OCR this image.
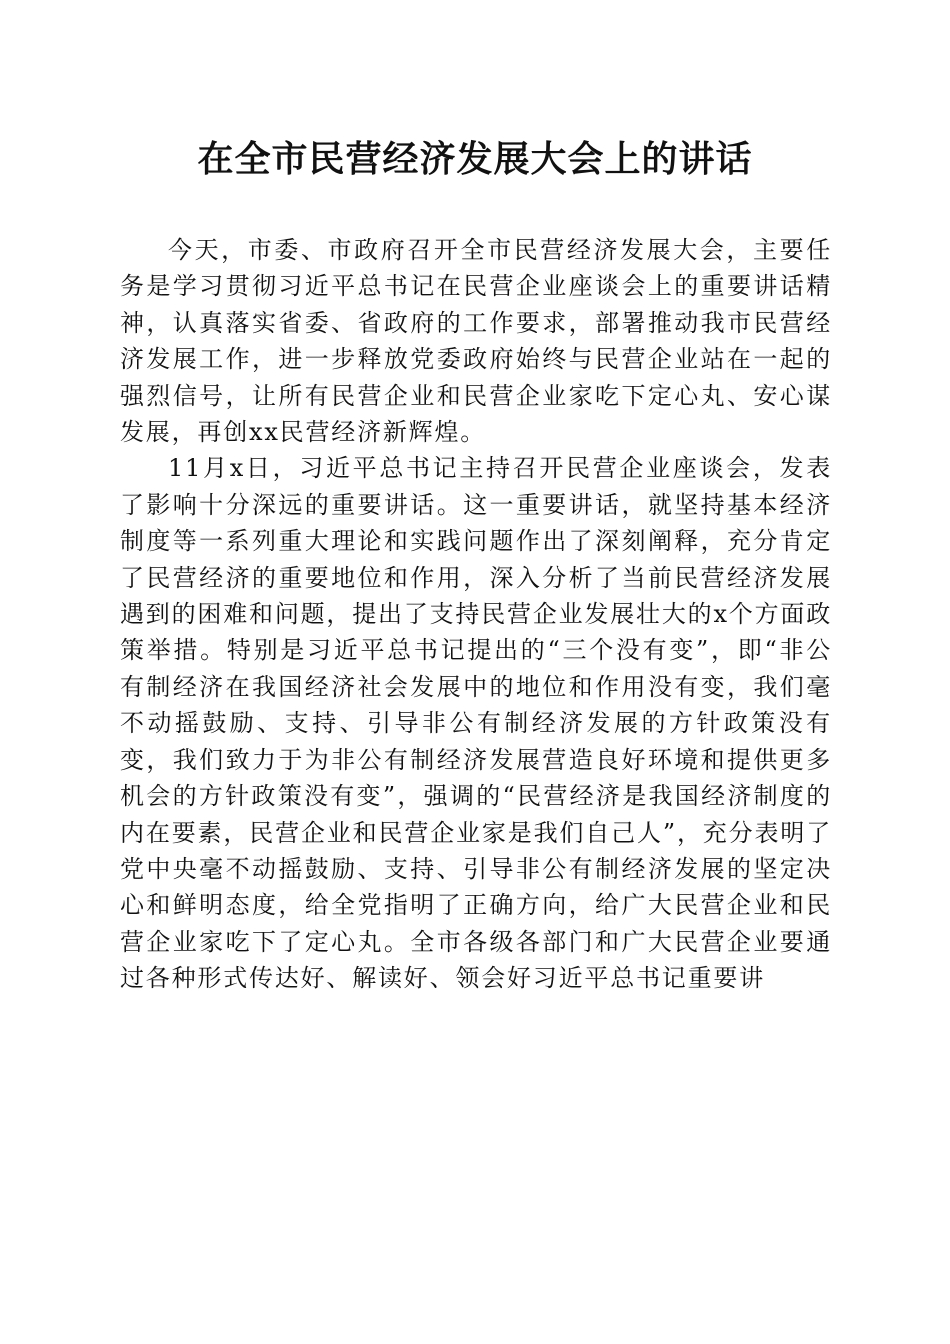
在全市民营经济发展大会上的讲话

今天，市委、市政府召开全市民营经济发展大会，主要任务是学习贯彻习近平总书记在民营企业座谈会上的重要讲话精神，认真落实省委、省政府的工作要求，部署推动我市民营经济发展工作，进一步释放党委政府始终与民营企业站在一起的强烈信号，让所有民营企业和民营企业家吃下定心丸、安心谋发展，再创xx民营经济新辉煌。

11月x日，习近平总书记主持召开民营企业座谈会，发表了影响十分深远的重要讲话。这一重要讲话，就坚持基本经济制度等一系列重大理论和实践问题作出了深刻阐释，充分肯定了民营经济的重要地位和作用，深入分析了当前民营经济发展遇到的困难和问题，提出了支持民营企业发展壮大的x个方面政策举措。特别是习近平总书记提出的“三个没有变”，即“非公有制经济在我国经济社会发展中的地位和作用没有变，我们毫不动摇鼓励、支持、引导非公有制经济发展的方针政策没有变，我们致力于为非公有制经济发展营造良好环境和提供更多机会的方针政策没有变”，强调的“民营经济是我国经济制度的内在要素，民营企业和民营企业家是我们自己人”，充分表明了党中央毫不动摇鼓励、支持、引导非公有制经济发展的坚定决心和鲜明态度，给全党指明了正确方向，给广大民营企业和民营企业家吃下了定心丸。全市各级各部门和广大民营企业要通过各种形式传达好、解读好、领会好习近平总书记重要讲
